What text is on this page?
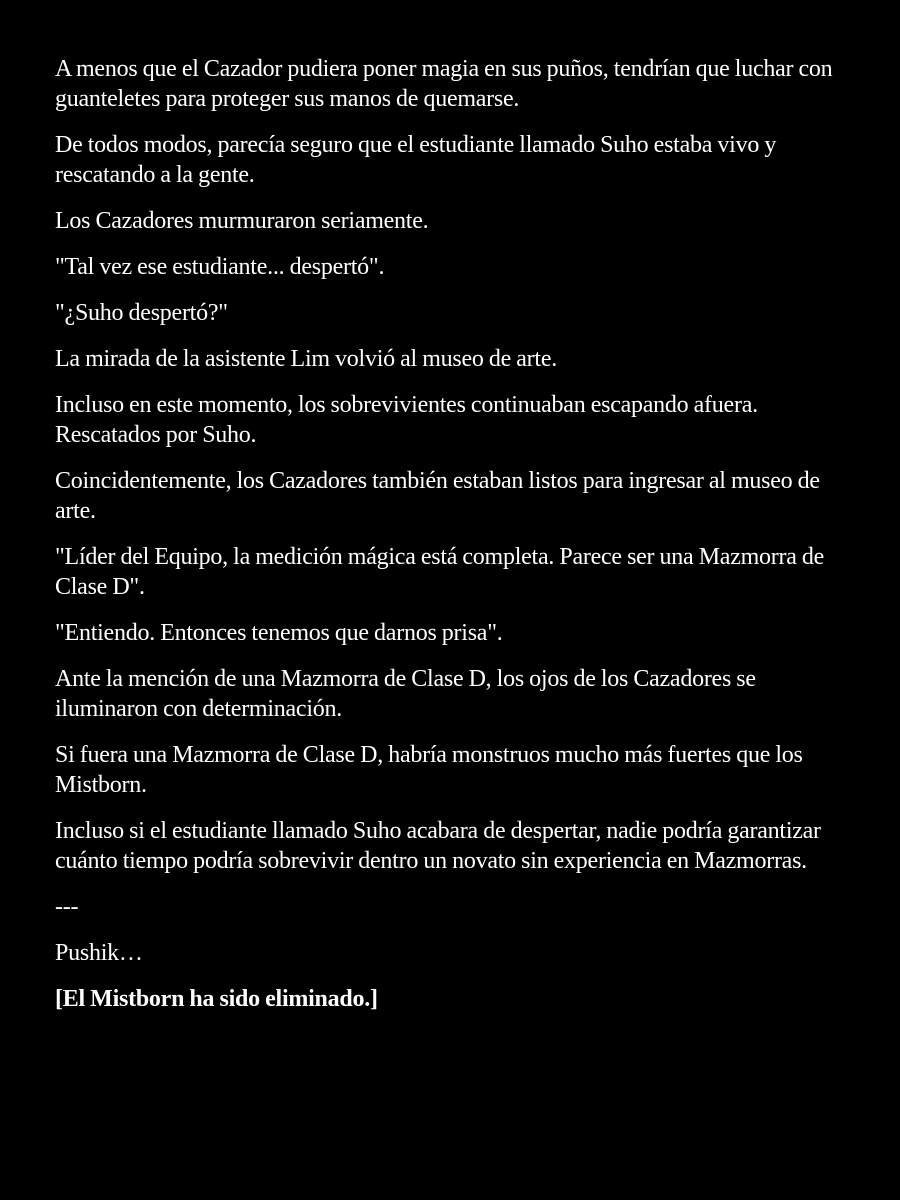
A menos que el Cazador pudiera poner magia en sus puños, tendrían que luchar con guanteletes para proteger sus manos de quemarse.

De todos modos, parecía seguro que el estudiante llamado Suho estaba vivo y rescatando a la gente.

Los Cazadores murmuraron seriamente.

"Tal vez ese estudiante... despertó".

"¿Suho despertó?"

La mirada de la asistente Lim volvió al museo de arte.

Incluso en este momento, los sobrevivientes continuaban escapando afuera. Rescatados por Suho.

Coincidentemente, los Cazadores también estaban listos para ingresar al museo de arte.

"Líder del Equipo, la medición mágica está completa. Parece ser una Mazmorra de Clase D".

"Entiendo. Entonces tenemos que darnos prisa".

Ante la mención de una Mazmorra de Clase D, los ojos de los Cazadores se iluminaron con determinación.

Si fuera una Mazmorra de Clase D, habría monstruos mucho más fuertes que los Mistborn.

Incluso si el estudiante llamado Suho acabara de despertar, nadie podría garantizar cuánto tiempo podría sobrevivir dentro un novato sin experiencia en Mazmorras.

---

Pushik…

[El Mistborn ha sido eliminado.]
